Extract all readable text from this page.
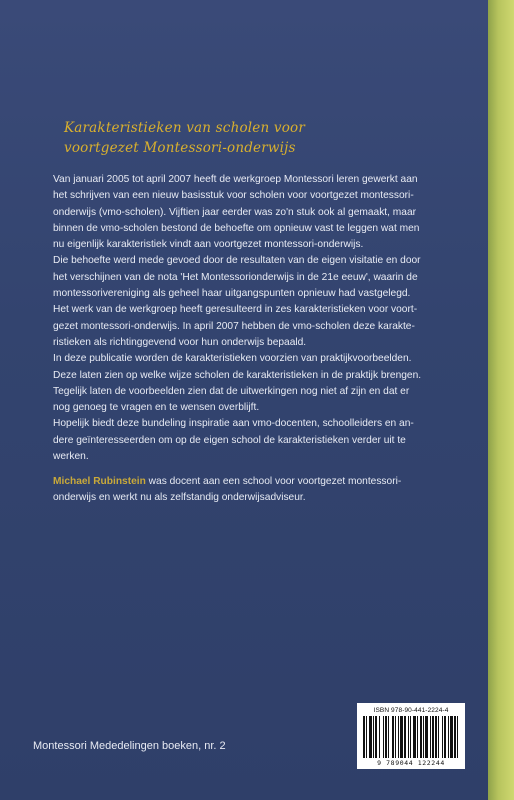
Karakteristieken van scholen voor
voortgezet Montessori-onderwijs
Van januari 2005 tot april 2007 heeft de werkgroep Montessori leren gewerkt aan
het schrijven van een nieuw basisstuk voor scholen voor voortgezet montessori-
onderwijs (vmo-scholen). Vijftien jaar eerder was zo'n stuk ook al gemaakt, maar
binnen de vmo-scholen bestond de behoefte om opnieuw vast te leggen wat men
nu eigenlijk karakteristiek vindt aan voortgezet montessori-onderwijs.
Die behoefte werd mede gevoed door de resultaten van de eigen visitatie en door
het verschijnen van de nota 'Het Montessorionderwijs in de 21e eeuw', waarin de
montessorivereniging als geheel haar uitgangspunten opnieuw had vastgelegd.
Het werk van de werkgroep heeft geresulteerd in zes karakteristieken voor voort-
gezet montessori-onderwijs. In april 2007 hebben de vmo-scholen deze karakte-
ristieken als richtinggevend voor hun onderwijs bepaald.
In deze publicatie worden de karakteristieken voorzien van praktijkvoorbeelden.
Deze laten zien op welke wijze scholen de karakteristieken in de praktijk brengen.
Tegelijk laten de voorbeelden zien dat de uitwerkingen nog niet af zijn en dat er
nog genoeg te vragen en te wensen overblijft.
Hopelijk biedt deze bundeling inspiratie aan vmo-docenten, schoolleiders en an-
dere geïnteresseerden om op de eigen school de karakteristieken verder uit te
werken.
Michael Rubinstein was docent aan een school voor voortgezet montessori-
onderwijs en werkt nu als zelfstandig onderwijsadviseur.
Montessori Mededelingen boeken, nr. 2
ISBN 978-90-441-2224-4
9 789044 122244
